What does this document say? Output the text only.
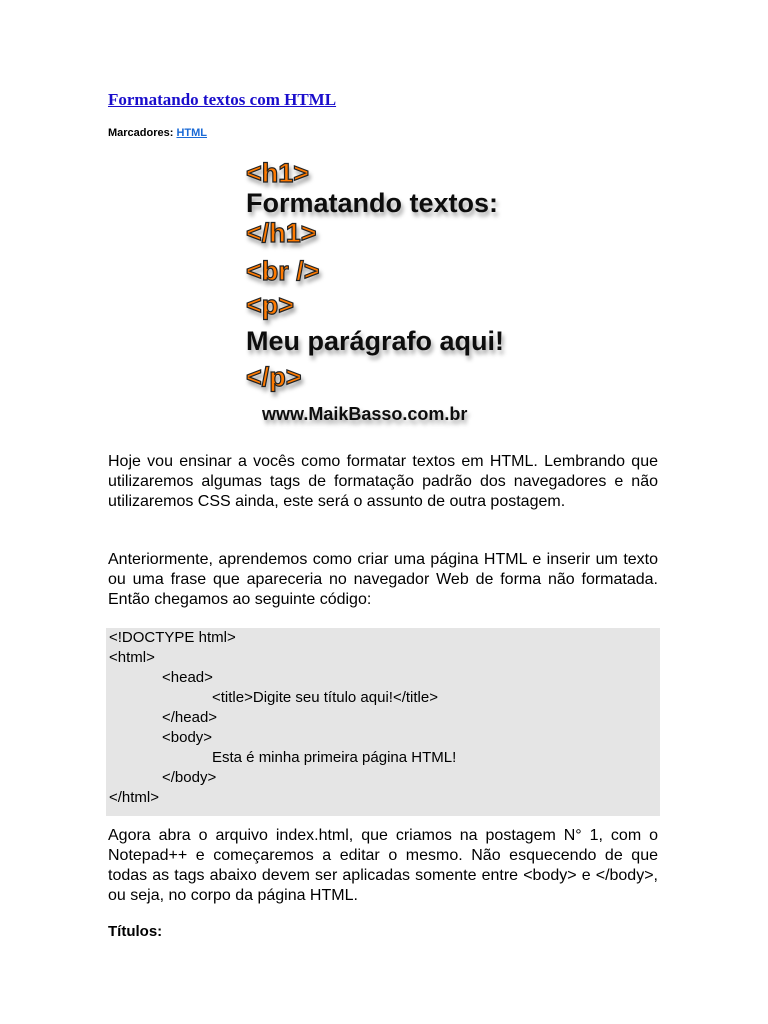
Formatando textos com HTML
Marcadores: HTML
<h1>
Formatando textos:
</h1>
<br />
<p>
Meu parágrafo aqui!
</p>
www.MaikBasso.com.br

Hoje vou ensinar a vocês como formatar textos em HTML. Lembrando que utilizaremos algumas tags de formatação padrão dos navegadores e não utilizaremos CSS ainda, este será o assunto de outra postagem.

Anteriormente, aprendemos como criar uma página HTML e inserir um texto ou uma frase que apareceria no navegador Web de forma não formatada. Então chegamos ao seguinte código:

<!DOCTYPE html>
<html>
<head>
<title>Digite seu título aqui!</title>
</head>
<body>
Esta é minha primeira página HTML!
</body>
</html>

Agora abra o arquivo index.html, que criamos na postagem N° 1, com o Notepad++ e começaremos a editar o mesmo. Não esquecendo de que todas as tags abaixo devem ser aplicadas somente entre <body> e </body>, ou seja, no corpo da página HTML.

Títulos:
